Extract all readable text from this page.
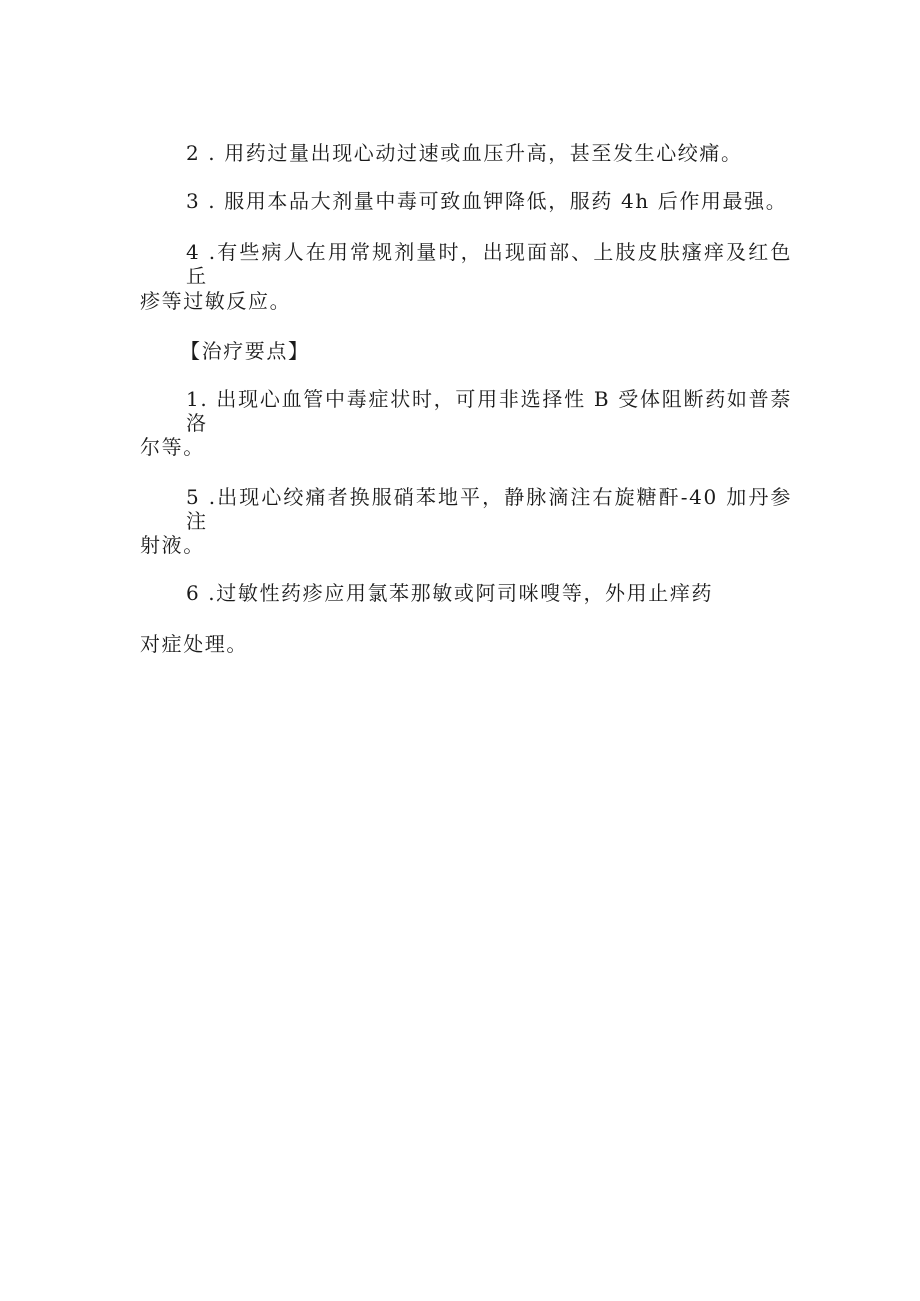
2 . 用药过量出现心动过速或血压升高，甚至发生心绞痛。
3 . 服用本品大剂量中毒可致血钾降低，服药 4h 后作用最强。
4 .有些病人在用常规剂量时，出现面部、上肢皮肤瘙痒及红色丘
疹等过敏反应。
【治疗要点】
1. 出现心血管中毒症状时，可用非选择性 B 受体阻断药如普萘洛
尔等。
5 .出现心绞痛者换服硝苯地平，静脉滴注右旋糖酐-40 加丹参注
射液。
6 .过敏性药疹应用氯苯那敏或阿司咪嗖等，外用止痒药
对症处理。
